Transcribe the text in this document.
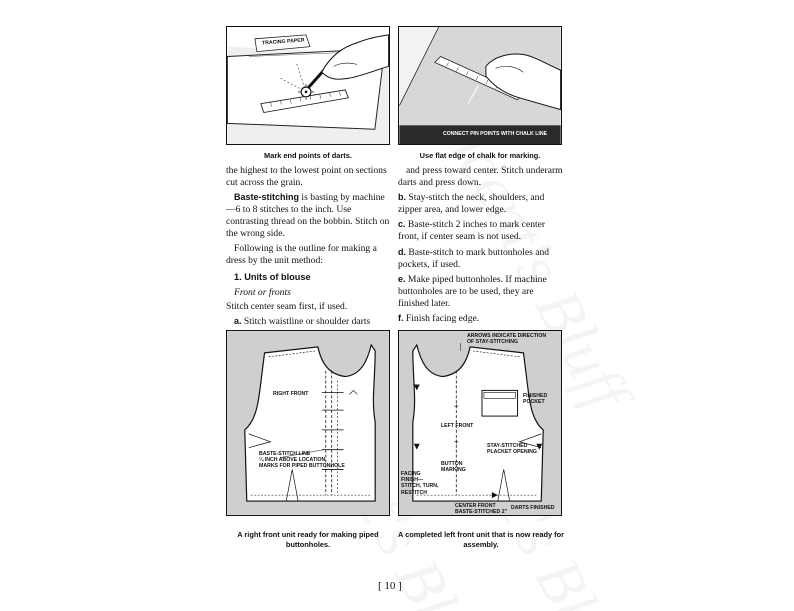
TRACING PAPER
Mark end points of darts.
CONNECT PIN POINTS WITH CHALK LINE
Use flat edge of chalk for marking.

the highest to the lowest point on sections cut across the grain.

Baste-stitching is basting by machine—6 to 8 stitches to the inch. Use contrasting thread on the bobbin. Stitch on the wrong side.

Following is the outline for making a dress by the unit method:

1. Units of blouse

Front or fronts

Stitch center seam first, if used.

a. Stitch waistline or shoulder darts

and press toward center. Stitch underarm darts and press down.

b. Stay-stitch the neck, shoulders, and zipper area, and lower edge.

c. Baste-stitch 2 inches to mark center front, if center seam is not used.

d. Baste-stitch to mark buttonholes and pockets, if used.

e. Make piped buttonholes. If machine buttonholes are to be used, they are finished later.

f. Finish facing edge.

RIGHT FRONT
BASTE-STITCH LINE
¼ INCH ABOVE LOCATION
MARKS FOR PIPED BUTTONHOLE
A right front unit ready for making piped buttonholes.
ARROWS INDICATE DIRECTION
OF STAY-STITCHING
FINISHED
POCKET
LEFT FRONT
STAY-STITCHED
PLACKET OPENING
BUTTON
MARKING
FACING
FINISH—
STITCH, TURN,
RESTITCH
DARTS FINISHED
CENTER FRONT
BASTE-STITCHED 2"
A completed left front unit that is now ready for assembly.
[ 10 ]
